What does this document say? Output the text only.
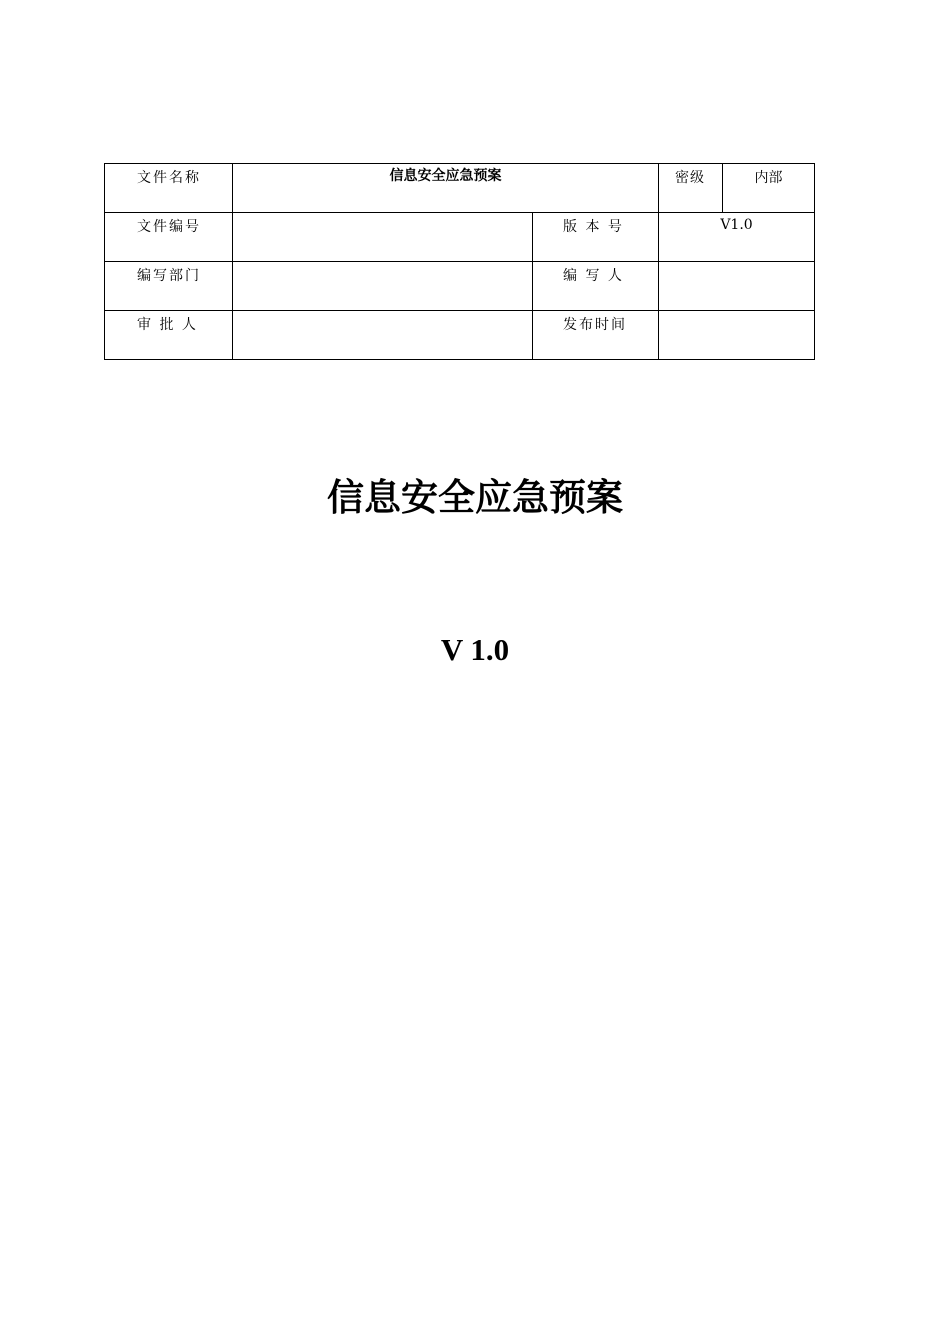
文件名称	信息安全应急预案		密级	内部
文件编号		版 本 号	V1.0	
编写部门		编 写 人		
审 批 人		发布时间		
信息安全应急预案
V 1.0
